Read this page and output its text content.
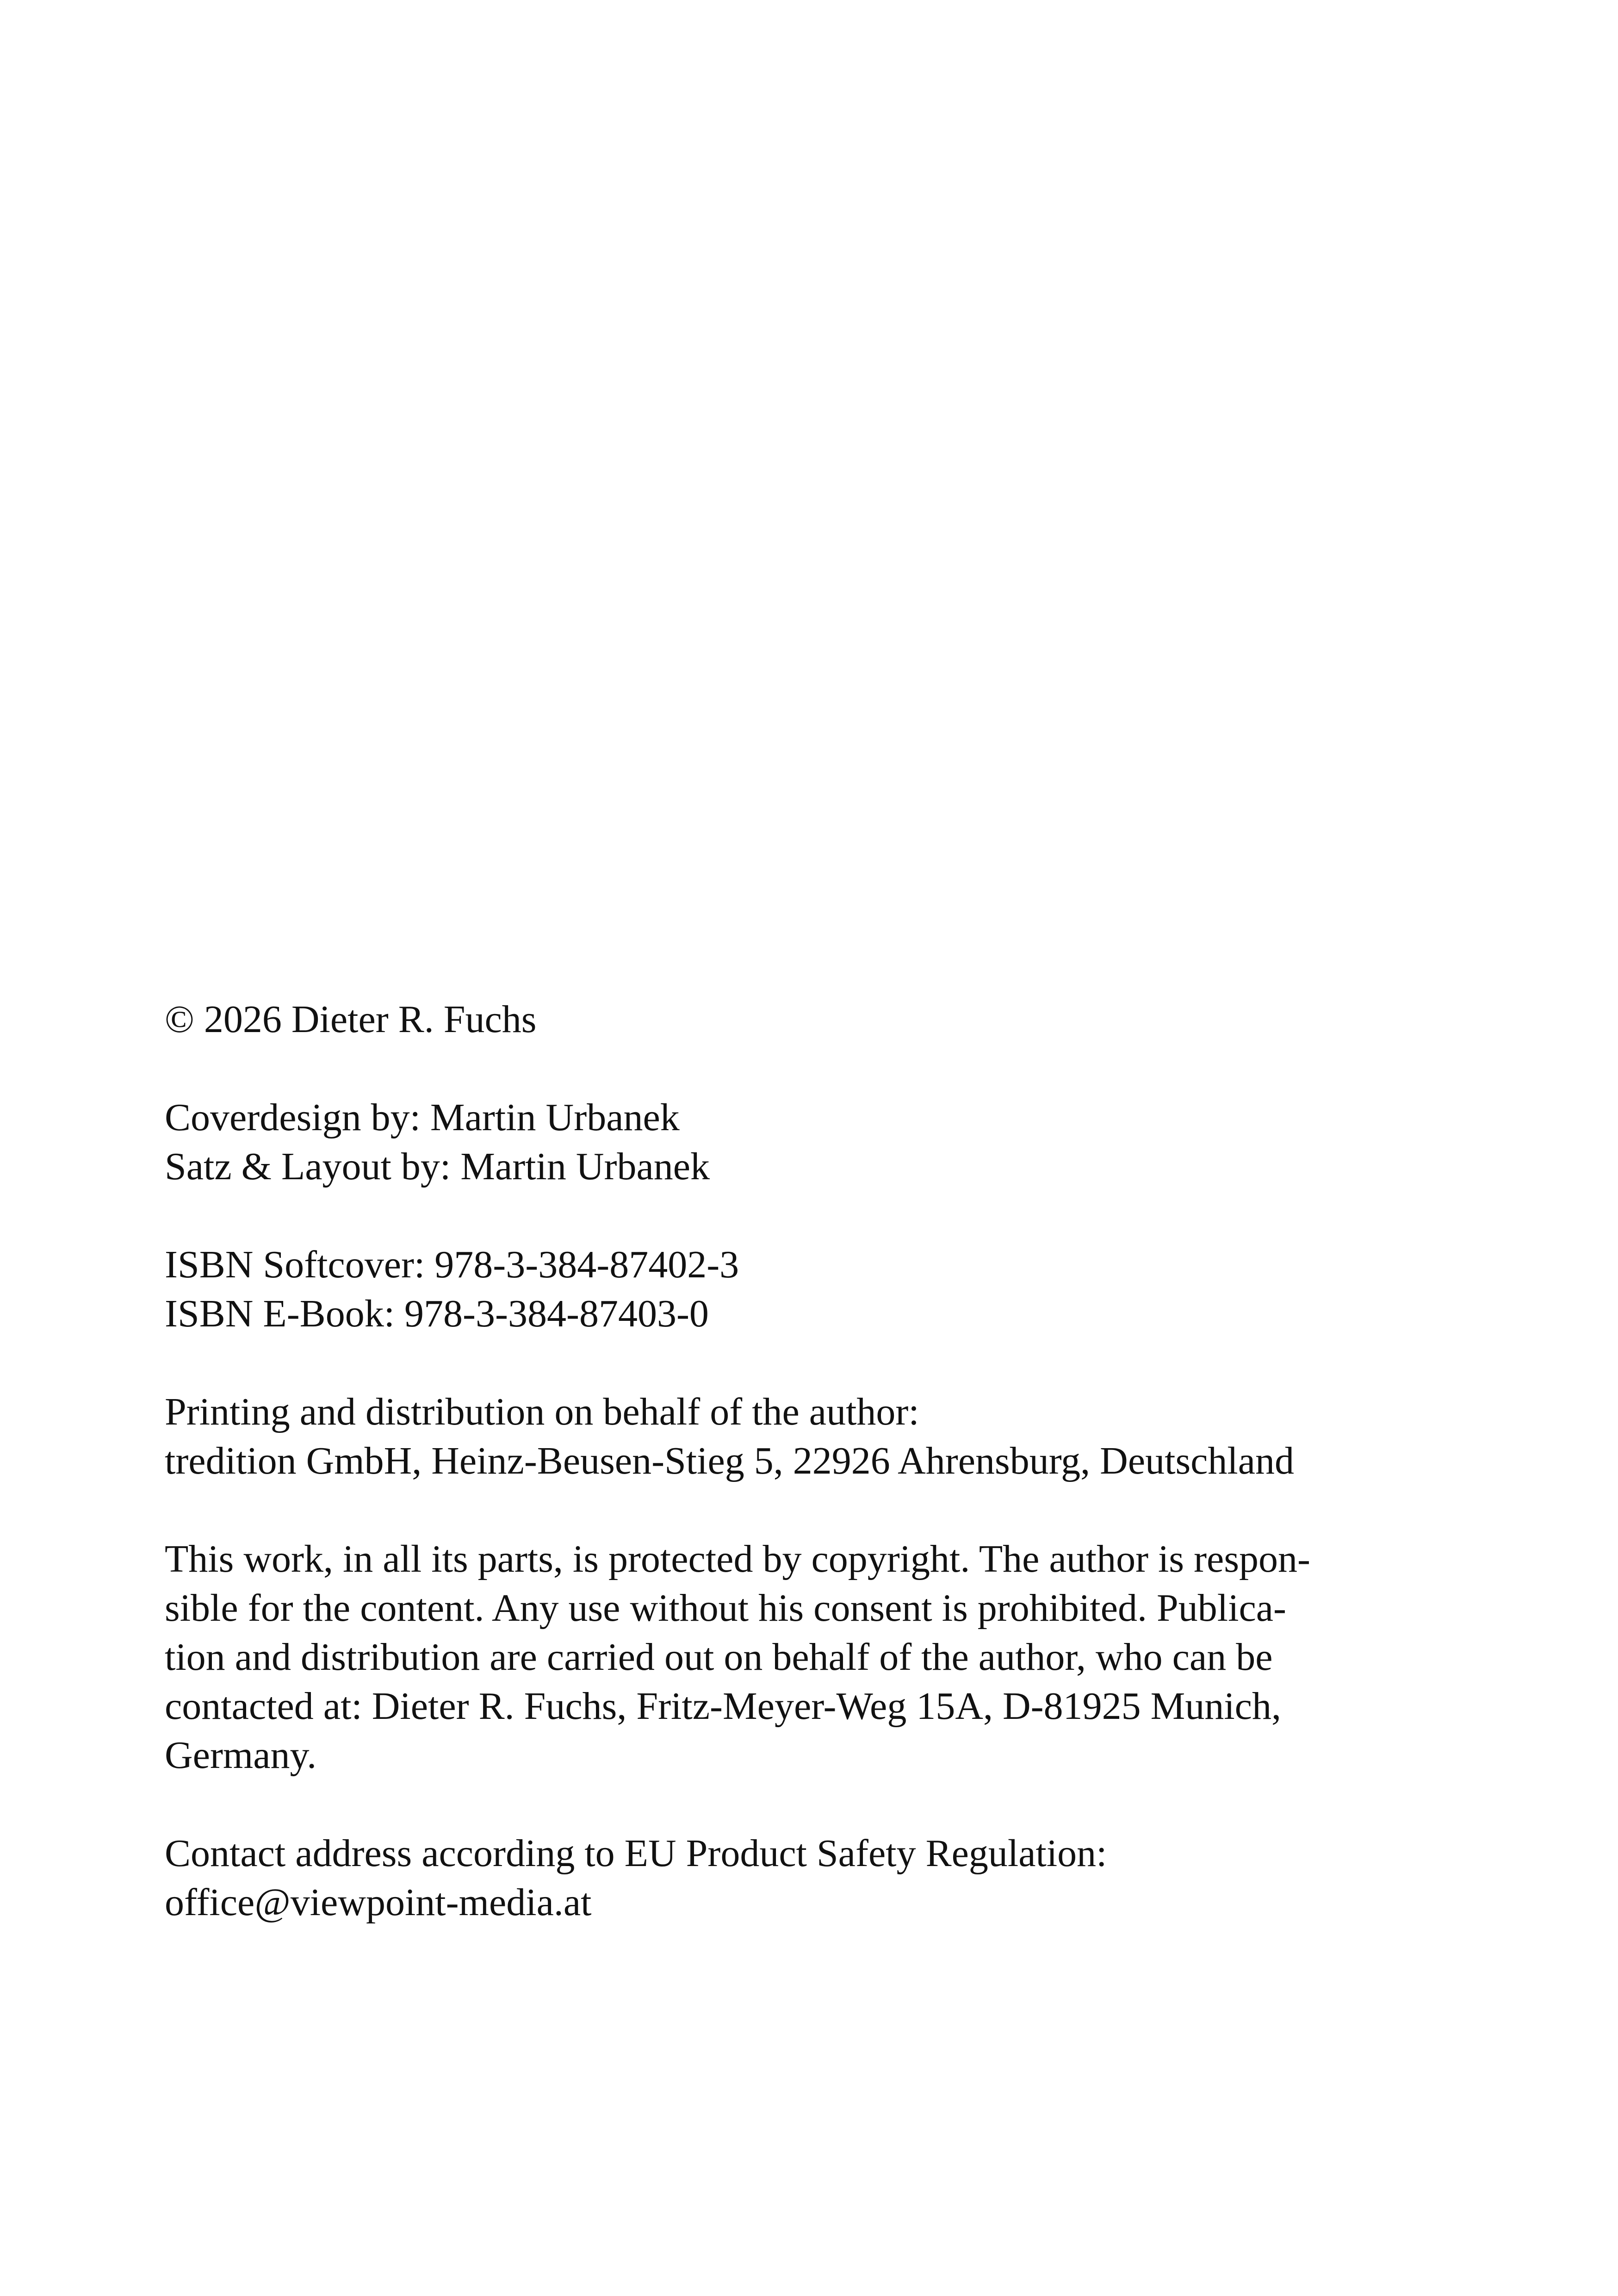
© 2026 Dieter R. Fuchs
Coverdesign by: Martin Urbanek
Satz & Layout by: Martin Urbanek
ISBN Softcover: 978-3-384-87402-3
ISBN E-Book: 978-3-384-87403-0
Printing and distribution on behalf of the author:
tredition GmbH, Heinz-Beusen-Stieg 5, 22926 Ahrensburg, Deutschland
This work, in all its parts, is protected by copyright. The author is respon-
sible for the content. Any use without his consent is prohibited. Publica-
tion and distribution are carried out on behalf of the author, who can be
contacted at: Dieter R. Fuchs, Fritz-Meyer-Weg 15A, D-81925 Munich,
Germany.
Contact address according to EU Product Safety Regulation:
office@viewpoint-media.at
